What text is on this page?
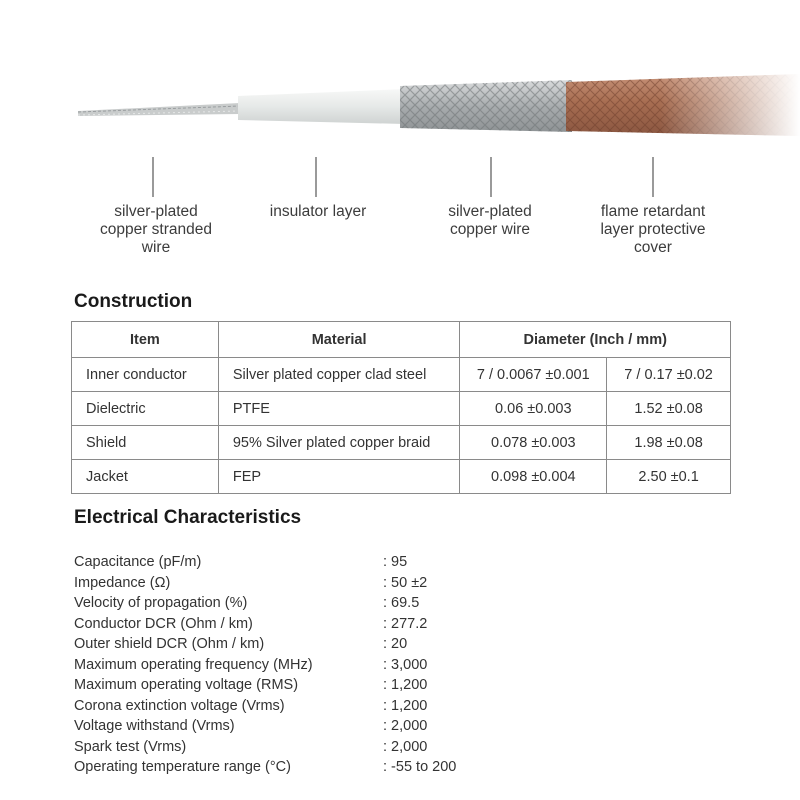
silver-plated
copper stranded
wire
insulator layer	silver-plated
copper wire
flame retardant
layer protective
cover
Construction
Item	Material	Diameter (Inch / mm)	
Inner conductor	Silver plated copper clad steel	7 / 0.0067 ±0.001	7 / 0.17 ±0.02
Dielectric	PTFE	0.06 ±0.003	1.52 ±0.08
Shield	95% Silver plated copper braid	0.078 ±0.003	1.98 ±0.08
Jacket	FEP	0.098 ±0.004	2.50 ±0.1
Electrical Characteristics
Capacitance (pF/m)	: 95
Impedance (Ω)	: 50 ±2
Velocity of propagation (%)	: 69.5
Conductor DCR (Ohm / km)	: 277.2
Outer shield DCR (Ohm / km)	: 20
Maximum operating frequency (MHz)	: 3,000
Maximum operating voltage (RMS)	: 1,200
Corona extinction voltage (Vrms)	: 1,200
Voltage withstand (Vrms)	: 2,000
Spark test (Vrms)	: 2,000
Operating temperature range (°C)	: -55 to 200
